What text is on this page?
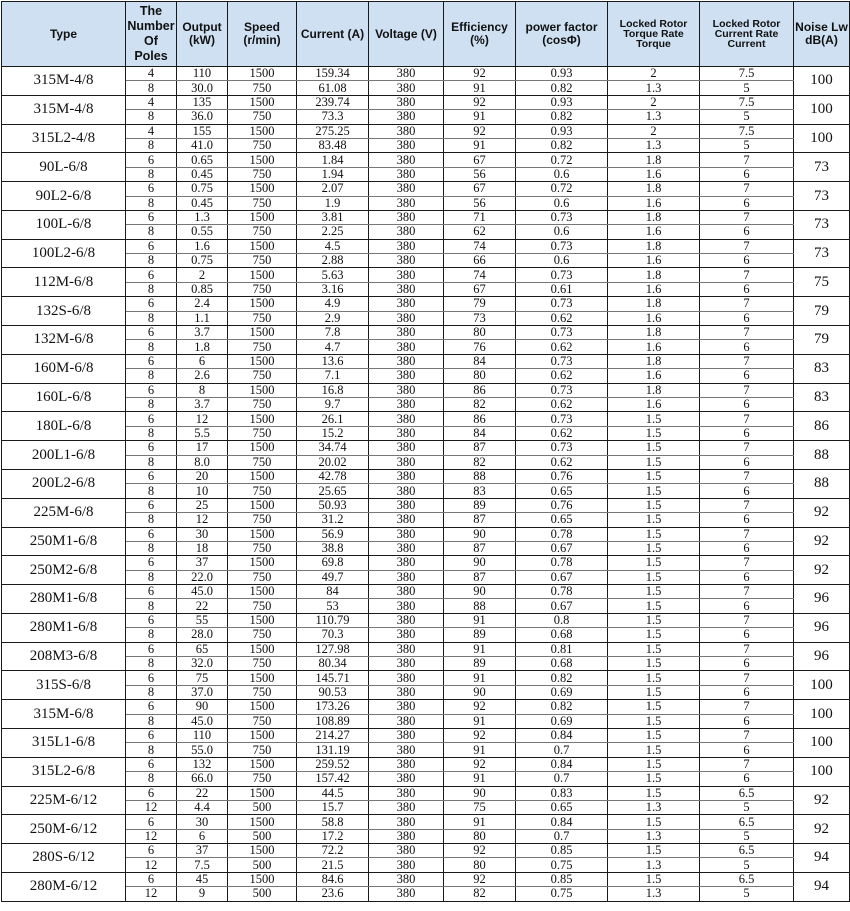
Type	The Number Of Poles	Output (kW)	Speed (r/min)	Current (A)	Voltage (V)	Efficiency (%)	power factor (cosΦ)	Locked Rotor Torque Rate Torque	Locked Rotor Current Rate Current	Noise Lw dB(A)
315M-4/8	4	110	1500	159.34	380	92	0.93	2	7.5	100
	8	30.0	750	61.08	380	91	0.82	1.3	5	
315M-4/8	4	135	1500	239.74	380	92	0.93	2	7.5	100
	8	36.0	750	73.3	380	91	0.82	1.3	5	
315L2-4/8	4	155	1500	275.25	380	92	0.93	2	7.5	100
	8	41.0	750	83.48	380	91	0.82	1.3	5	
90L-6/8	6	0.65	1500	1.84	380	67	0.72	1.8	7	73
	8	0.45	750	1.94	380	56	0.6	1.6	6	
90L2-6/8	6	0.75	1500	2.07	380	67	0.72	1.8	7	73
	8	0.45	750	1.9	380	56	0.6	1.6	6	
100L-6/8	6	1.3	1500	3.81	380	71	0.73	1.8	7	73
	8	0.55	750	2.25	380	62	0.6	1.6	6	
100L2-6/8	6	1.6	1500	4.5	380	74	0.73	1.8	7	73
	8	0.75	750	2.88	380	66	0.6	1.6	6	
112M-6/8	6	2	1500	5.63	380	74	0.73	1.8	7	75
	8	0.85	750	3.16	380	67	0.61	1.6	6	
132S-6/8	6	2.4	1500	4.9	380	79	0.73	1.8	7	79
	8	1.1	750	2.9	380	73	0.62	1.6	6	
132M-6/8	6	3.7	1500	7.8	380	80	0.73	1.8	7	79
	8	1.8	750	4.7	380	76	0.62	1.6	6	
160M-6/8	6	6	1500	13.6	380	84	0.73	1.8	7	83
	8	2.6	750	7.1	380	80	0.62	1.6	6	
160L-6/8	6	8	1500	16.8	380	86	0.73	1.8	7	83
	8	3.7	750	9.7	380	82	0.62	1.6	6	
180L-6/8	6	12	1500	26.1	380	86	0.73	1.5	7	86
	8	5.5	750	15.2	380	84	0.62	1.5	6	
200L1-6/8	6	17	1500	34.74	380	87	0.73	1.5	7	88
	8	8.0	750	20.02	380	82	0.62	1.5	6	
200L2-6/8	6	20	1500	42.78	380	88	0.76	1.5	7	88
	8	10	750	25.65	380	83	0.65	1.5	6	
225M-6/8	6	25	1500	50.93	380	89	0.76	1.5	7	92
	8	12	750	31.2	380	87	0.65	1.5	6	
250M1-6/8	6	30	1500	56.9	380	90	0.78	1.5	7	92
	8	18	750	38.8	380	87	0.67	1.5	6	
250M2-6/8	6	37	1500	69.8	380	90	0.78	1.5	7	92
	8	22.0	750	49.7	380	87	0.67	1.5	6	
280M1-6/8	6	45.0	1500	84	380	90	0.78	1.5	7	96
	8	22	750	53	380	88	0.67	1.5	6	
280M1-6/8	6	55	1500	110.79	380	91	0.8	1.5	7	96
	8	28.0	750	70.3	380	89	0.68	1.5	6	
208M3-6/8	6	65	1500	127.98	380	91	0.81	1.5	7	96
	8	32.0	750	80.34	380	89	0.68	1.5	6	
315S-6/8	6	75	1500	145.71	380	91	0.82	1.5	7	100
	8	37.0	750	90.53	380	90	0.69	1.5	6	
315M-6/8	6	90	1500	173.26	380	92	0.82	1.5	7	100
	8	45.0	750	108.89	380	91	0.69	1.5	6	
315L1-6/8	6	110	1500	214.27	380	92	0.84	1.5	7	100
	8	55.0	750	131.19	380	91	0.7	1.5	6	
315L2-6/8	6	132	1500	259.52	380	92	0.84	1.5	7	100
	8	66.0	750	157.42	380	91	0.7	1.5	6	
225M-6/12	6	22	1500	44.5	380	90	0.83	1.5	6.5	92
	12	4.4	500	15.7	380	75	0.65	1.3	5	
250M-6/12	6	30	1500	58.8	380	91	0.84	1.5	6.5	92
	12	6	500	17.2	380	80	0.7	1.3	5	
280S-6/12	6	37	1500	72.2	380	92	0.85	1.5	6.5	94
	12	7.5	500	21.5	380	80	0.75	1.3	5	
280M-6/12	6	45	1500	84.6	380	92	0.85	1.5	6.5	94
	12	9	500	23.6	380	82	0.75	1.3	5	
